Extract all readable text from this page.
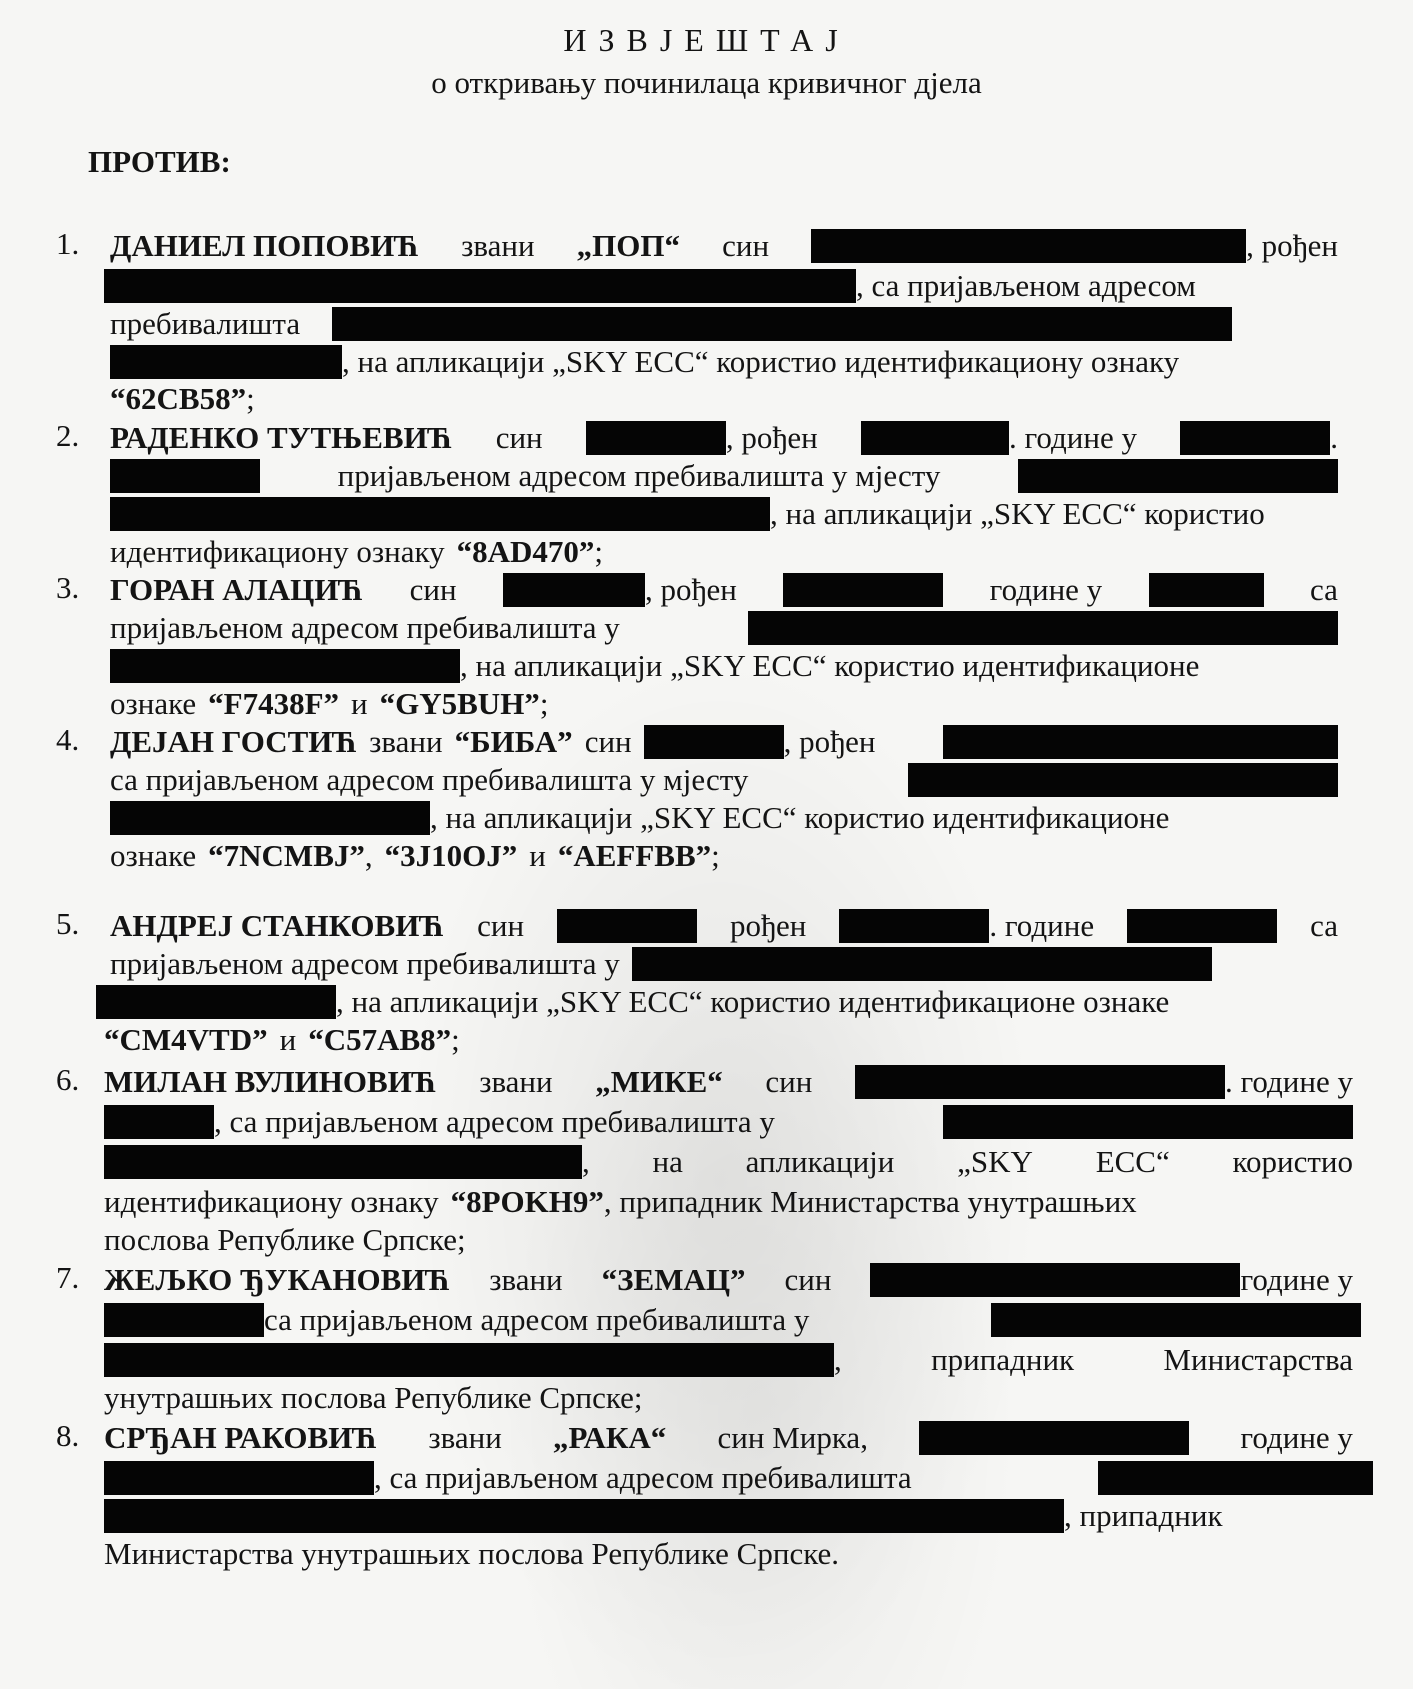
ИЗВЈЕШТАЈ
о откривању починилаца кривичног дјела
ПРОТИВ:
1. ДАНИЕЛ ПОПОВИЋ звани „ПОП“ син	, рођен
, са пријављеном адресом
пребивалишта
, на апликацији „SKY ECC“ користио идентификациону ознаку
“62CB58” ;
2. РАДЕНКО ТУТЊЕВИЋ син	, рођен	. године у	.
пријављеном адресом пребивалишта у мјесту
, на апликацији „SKY ECC“ користио
идентификациону ознаку “8AD470” ;
3. ГОРАН АЛАЦИЋ син	, рођен	године у	са
пријављеном адресом пребивалишта у
, на апликацији „SKY ECC“ користио идентификационе
ознаке “F7438F” и “GY5BUH” ;
4. ДЕЈАН ГОСТИЋ звани “БИБА” син	, рођен
са пријављеном адресом пребивалишта у мјесту
, на апликацији „SKY ECC“ користио идентификационе
ознаке “7NCMBJ” , “3J10OJ” и “AEFFBB” ;
5. АНДРЕЈ СТАНКОВИЋ син	рођен	. године	са
пријављеном адресом пребивалишта у
, на апликацији „SKY ECC“ користио идентификационе ознаке
“CM4VTD” и “C57AB8” ;
6. МИЛАН ВУЛИНОВИЋ звани „МИКЕ“ син	. године у
, са пријављеном адресом пребивалишта у
, на апликацији „SKY ECC“ користио
идентификациону ознаку “8POKH9” , припадник Министарства унутрашњих
послова Републике Српске;
7. ЖЕЉКО ЂУКАНОВИЋ звани “ЗЕМАЦ” син	године у
са пријављеном адресом пребивалишта у
,	припадник	Министарства
унутрашњих послова Републике Српске;
8. СРЂАН РАКОВИЋ звани „РАКА“ син Мирка,	године у
, са пријављеном адресом пребивалишта
, припадник
Министарства унутрашњих послова Републике Српске.
